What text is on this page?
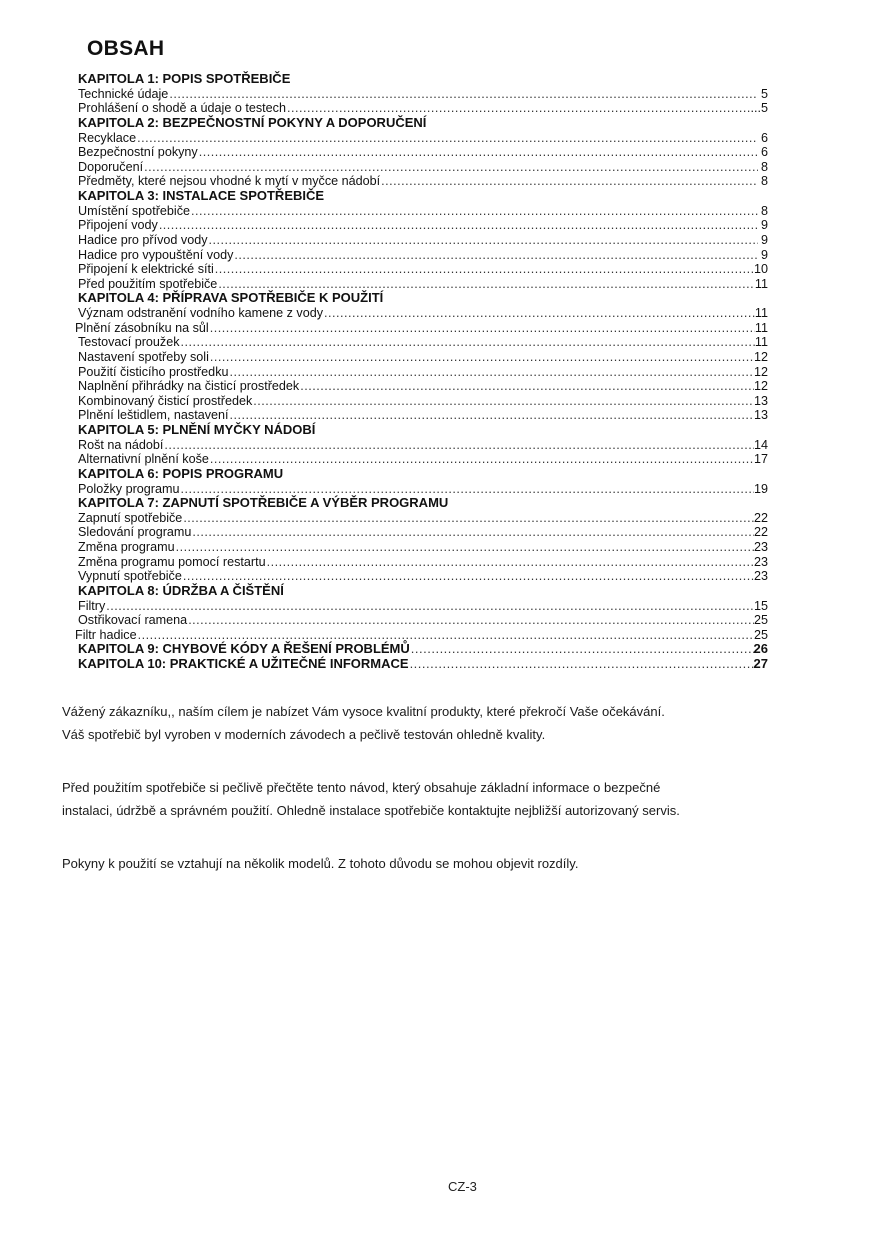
OBSAH
KAPITOLA 1: POPIS SPOTŘEBIČE
Technické údaje .....	5
Prohlášení o shodě a údaje o testech .....	...5
KAPITOLA 2: BEZPEČNOSTNÍ POKYNY A DOPORUČENÍ
Recyklace .....	6
Bezpečnostní pokyny .....	6
Doporučení .....	8
Předměty, které nejsou vhodné k mytí v myčce nádobí .....	8
KAPITOLA 3: INSTALACE SPOTŘEBIČE
Umístění spotřebiče .....	8
Připojení vody .....	9
Hadice pro přívod vody .....	9
Hadice pro vypouštění vody .....	9
Připojení k elektrické síti .....	10
Před použitím spotřebiče .....	11
KAPITOLA 4: PŘÍPRAVA SPOTŘEBIČE K POUŽITÍ
Význam odstranění vodního kamene z vody .....	11
Plnění zásobníku na sůl .....	11
Testovací proužek .....	11
Nastavení spotřeby soli .....	12
Použití čisticího prostředku .....	12
Naplnění přihrádky na čisticí prostředek .....	12
Kombinovaný čisticí prostředek .....	13
Plnění leštidlem, nastavení .....	13
KAPITOLA 5: PLNĚNÍ MYČKY NÁDOBÍ
Rošt na nádobí .....	14
Alternativní plnění koše .....	17
KAPITOLA 6: POPIS PROGRAMU
Položky programu .....	19
KAPITOLA 7: ZAPNUTÍ SPOTŘEBIČE A VÝBĚR PROGRAMU
Zapnutí spotřebiče .....	22
Sledování programu .....	22
Změna programu .....	23
Změna programu pomocí restartu .....	23
Vypnutí spotřebiče .....	23
KAPITOLA 8: ÚDRŽBA A ČIŠTĚNÍ
Filtry .....	15
Ostřikovací ramena .....	25
Filtr hadice .....	25
KAPITOLA 9: CHYBOVÉ KÓDY A ŘEŠENÍ PROBLÉMŮ .....	26
KAPITOLA 10: PRAKTICKÉ A UŽITEČNÉ INFORMACE .....	27

Vážený zákazníku,, naším cílem je nabízet Vám vysoce kvalitní produkty, které překročí Vaše očekávání.
Váš spotřebič byl vyroben v moderních závodech a pečlivě testován ohledně kvality.

Před použitím spotřebiče si pečlivě přečtěte tento návod, který obsahuje základní informace o bezpečné
instalaci, údržbě a správném použití. Ohledně instalace spotřebiče kontaktujte nejbližší autorizovaný servis.

Pokyny k použití se vztahují na několik modelů. Z tohoto důvodu se mohou objevit rozdíly.

CZ-3
